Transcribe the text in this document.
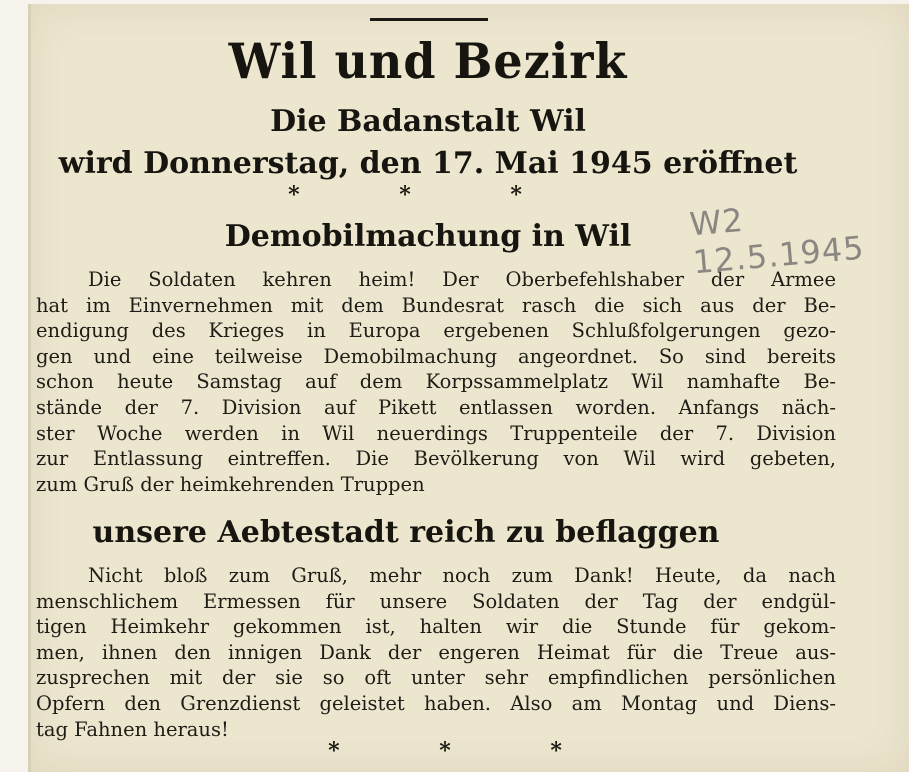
Wil und Bezirk
Die Badanstalt Wil
wird Donnerstag, den 17. Mai 1945 eröffnet
* * *
W2 12.5.1945
Demobilmachung in Wil
Die Soldaten kehren heim! Der Oberbefehlshaber der Armee
hat im Einvernehmen mit dem Bundesrat rasch die sich aus der Be-
endigung des Krieges in Europa ergebenen Schlußfolgerungen gezo-
gen und eine teilweise Demobilmachung angeordnet. So sind bereits
schon heute Samstag auf dem Korpssammelplatz Wil namhafte Be-
stände der 7. Division auf Pikett entlassen worden. Anfangs näch-
ster Woche werden in Wil neuerdings Truppenteile der 7. Division
zur Entlassung eintreffen. Die Bevölkerung von Wil wird gebeten,
zum Gruß der heimkehrenden Truppen
unsere Aebtestadt reich zu beflaggen
Nicht bloß zum Gruß, mehr noch zum Dank! Heute, da nach
menschlichem Ermessen für unsere Soldaten der Tag der endgül-
tigen Heimkehr gekommen ist, halten wir die Stunde für gekom-
men, ihnen den innigen Dank der engeren Heimat für die Treue aus-
zusprechen mit der sie so oft unter sehr empfindlichen persönlichen
Opfern den Grenzdienst geleistet haben. Also am Montag und Diens-
tag Fahnen heraus!
* * *
